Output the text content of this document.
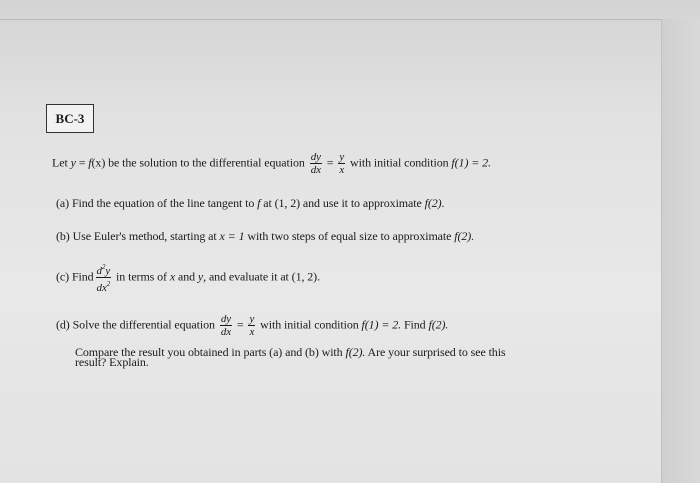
BC-3
Let y = f(x) be the solution to the differential equation $\frac{dy}{dx} = \frac{y}{x}$ with initial condition f(1) = 2.
(a) Find the equation of the line tangent to f at (1, 2) and use it to approximate f(2).
(b) Use Euler's method, starting at x = 1 with two steps of equal size to approximate f(2).
(c) Find $\frac{d^2y}{dx^2}$ in terms of x and y, and evaluate it at (1, 2).
(d) Solve the differential equation $\frac{dy}{dx} = \frac{y}{x}$ with initial condition f(1) = 2. Find f(2).
Compare the result you obtained in parts (a) and (b) with f(2). Are your surprised to see this
result? Explain.
